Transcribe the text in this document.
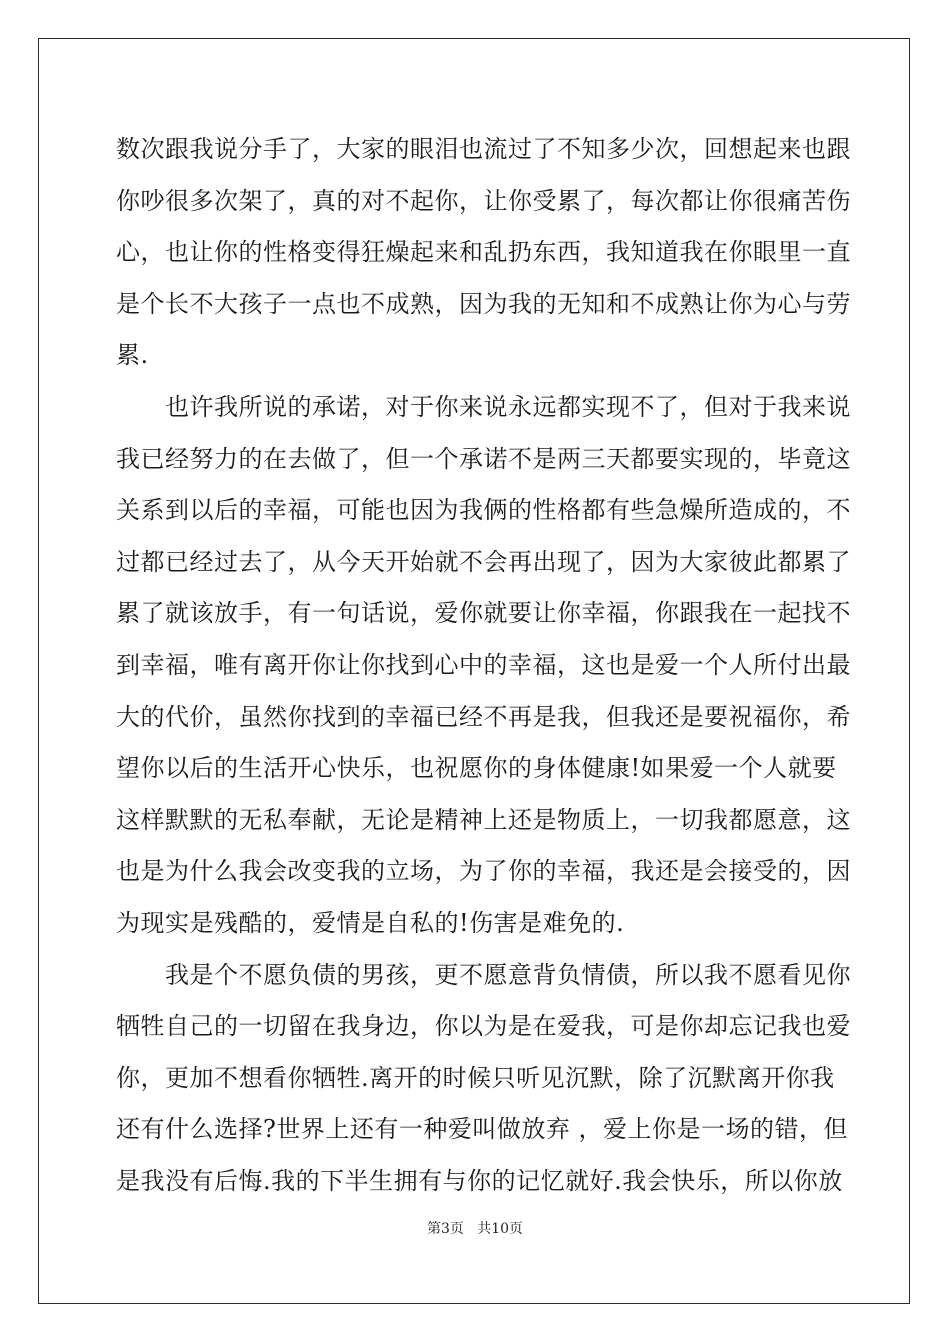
数次跟我说分手了，大家的眼泪也流过了不知多少次，回想起来也跟
你吵很多次架了，真的对不起你，让你受累了，每次都让你很痛苦伤
心，也让你的性格变得狂燥起来和乱扔东西，我知道我在你眼里一直
是个长不大孩子一点也不成熟，因为我的无知和不成熟让你为心与劳
累.
　　也许我所说的承诺，对于你来说永远都实现不了，但对于我来说
我已经努力的在去做了，但一个承诺不是两三天都要实现的，毕竟这
关系到以后的幸福，可能也因为我俩的性格都有些急燥所造成的，不
过都已经过去了，从今天开始就不会再出现了，因为大家彼此都累了
累了就该放手，有一句话说，爱你就要让你幸福，你跟我在一起找不
到幸福，唯有离开你让你找到心中的幸福，这也是爱一个人所付出最
大的代价，虽然你找到的幸福已经不再是我，但我还是要祝福你，希
望你以后的生活开心快乐，也祝愿你的身体健康!如果爱一个人就要
这样默默的无私奉献，无论是精神上还是物质上，一切我都愿意，这
也是为什么我会改变我的立场，为了你的幸福，我还是会接受的，因
为现实是残酷的，爱情是自私的!伤害是难免的.
　　我是个不愿负债的男孩，更不愿意背负情债，所以我不愿看见你
牺牲自己的一切留在我身边，你以为是在爱我，可是你却忘记我也爱
你，更加不想看你牺牲.离开的时候只听见沉默，除了沉默离开你我
还有什么选择?世界上还有一种爱叫做放弃 ，爱上你是一场的错，但
是我没有后悔.我的下半生拥有与你的记忆就好.我会快乐，所以你放
第3页   共10页
